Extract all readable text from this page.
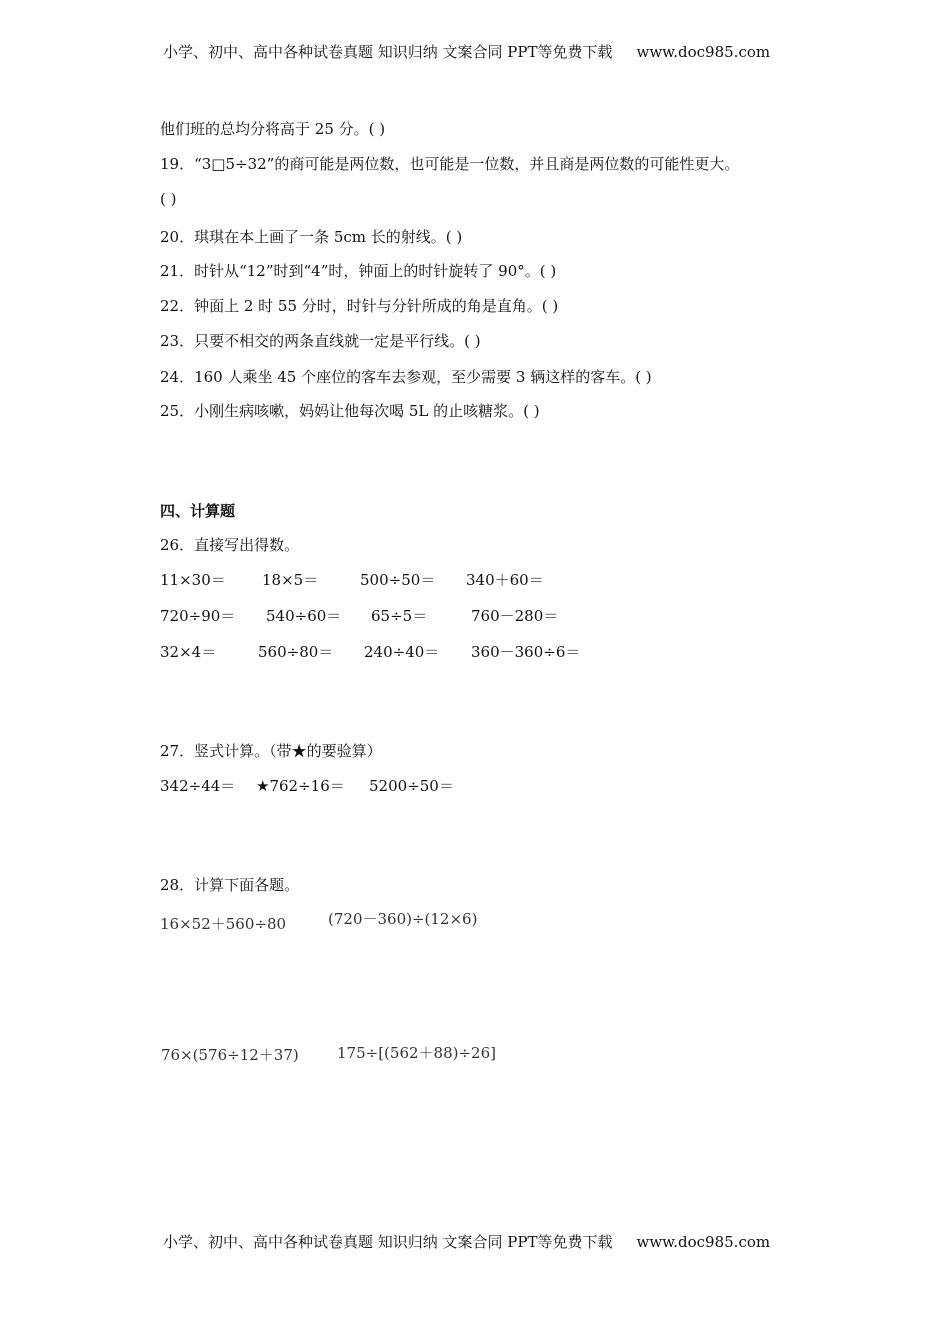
小学、初中、高中各种试卷真题 知识归纳 文案合同 PPT等免费下载 www.doc985.com
他们班的总均分将高于 25 分。( )
19．“3□5÷32”的商可能是两位数，也可能是一位数，并且商是两位数的可能性更大。
( )
20．琪琪在本上画了一条 5cm 长的射线。( )
21．时针从“12”时到“4”时，钟面上的时针旋转了 90°。( )
22．钟面上 2 时 55 分时，时针与分针所成的角是直角。( )
23．只要不相交的两条直线就一定是平行线。( )
24．160 人乘坐 45 个座位的客车去参观，至少需要 3 辆这样的客车。( )
25．小刚生病咳嗽，妈妈让他每次喝 5L 的止咳糖浆。( )
四、计算题
26．直接写出得数。
11×30＝ 18×5＝	500÷50＝ 340＋60＝
720÷90＝ 540÷60＝ 65÷5＝	760－280＝
32×4＝	560÷80＝ 240÷40＝ 360－360÷6＝
27．竖式计算。（带★的要验算）
342÷44＝ ★762÷16＝ 5200÷50＝
28．计算下面各题。
16×52＋560÷80	(720－360)÷(12×6)
76×(576÷12＋37)	175÷[(562＋88)÷26]
小学、初中、高中各种试卷真题 知识归纳 文案合同 PPT等免费下载 www.doc985.com
